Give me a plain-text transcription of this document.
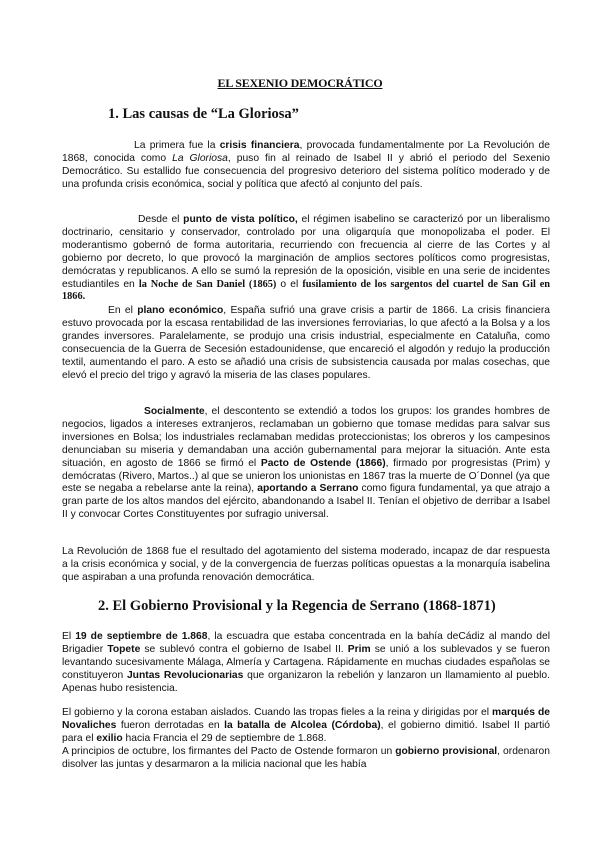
EL SEXENIO DEMOCRÁTICO
1. Las causas de “La Gloriosa”

La primera fue la crisis financiera, provocada fundamentalmente por La Revolución de 1868, conocida como La Gloriosa, puso fin al reinado de Isabel II y abrió el periodo del Sexenio Democrático. Su estallido fue consecuencia del progresivo deterioro del sistema político moderado y de una profunda crisis económica, social y política que afectó al conjunto del país.

Desde el punto de vista político, el régimen isabelino se caracterizó por un liberalismo doctrinario, censitario y conservador, controlado por una oligarquía que monopolizaba el poder. El moderantismo gobernó de forma autoritaria, recurriendo con frecuencia al cierre de las Cortes y al gobierno por decreto, lo que provocó la marginación de amplios sectores políticos como progresistas, demócratas y republicanos. A ello se sumó la represión de la oposición, visible en una serie de incidentes estudiantiles en la Noche de San Daniel (1865) o el fusilamiento de los sargentos del cuartel de San Gil en 1866.

En el plano económico, España sufrió una grave crisis a partir de 1866. La crisis financiera estuvo provocada por la escasa rentabilidad de las inversiones ferroviarias, lo que afectó a la Bolsa y a los grandes inversores. Paralelamente, se produjo una crisis industrial, especialmente en Cataluña, como consecuencia de la Guerra de Secesión estadounidense, que encareció el algodón y redujo la producción textil, aumentando el paro. A esto se añadió una crisis de subsistencia causada por malas cosechas, que elevó el precio del trigo y agravó la miseria de las clases populares.

Socialmente, el descontento se extendió a todos los grupos: los grandes hombres de negocios, ligados a intereses extranjeros, reclamaban un gobierno que tomase medidas para salvar sus inversiones en Bolsa; los industriales reclamaban medidas proteccionistas; los obreros y los campesinos denunciaban su miseria y demandaban una acción gubernamental para mejorar la situación. Ante esta situación, en agosto de 1866 se firmó el Pacto de Ostende (1866), firmado por progresistas (Prim) y demócratas (Rivero, Martos..) al que se unieron los unionistas en 1867 tras la muerte de O´Donnel (ya que este se negaba a rebelarse ante la reina), aportando a Serrano como figura fundamental, ya que atrajo a gran parte de los altos mandos del ejército, abandonando a Isabel II. Tenían el objetivo de derribar a Isabel II y convocar Cortes Constituyentes por sufragio universal.

La Revolución de 1868 fue el resultado del agotamiento del sistema moderado, incapaz de dar respuesta a la crisis económica y social, y de la convergencia de fuerzas políticas opuestas a la monarquía isabelina que aspiraban a una profunda renovación democrática.

2. El Gobierno Provisional y la Regencia de Serrano (1868-1871)

El 19 de septiembre de 1.868, la escuadra que estaba concentrada en la bahía deCádiz al mando del Brigadier Topete se sublevó contra el gobierno de Isabel II. Prim se unió a los sublevados y se fueron levantando sucesivamente Málaga, Almería y Cartagena. Rápidamente en muchas ciudades españolas se constituyeron Juntas Revolucionarias que organizaron la rebelión y lanzaron un llamamiento al pueblo. Apenas hubo resistencia.

El gobierno y la corona estaban aislados. Cuando las tropas fieles a la reina y dirigidas por el marqués de Novaliches fueron derrotadas en la batalla de Alcolea (Córdoba), el gobierno dimitió. Isabel II partió para el exilio hacia Francia el 29 de septiembre de 1.868.

A principios de octubre, los firmantes del Pacto de Ostende formaron un gobierno provisional, ordenaron disolver las juntas y desarmaron a la milicia nacional que les había
